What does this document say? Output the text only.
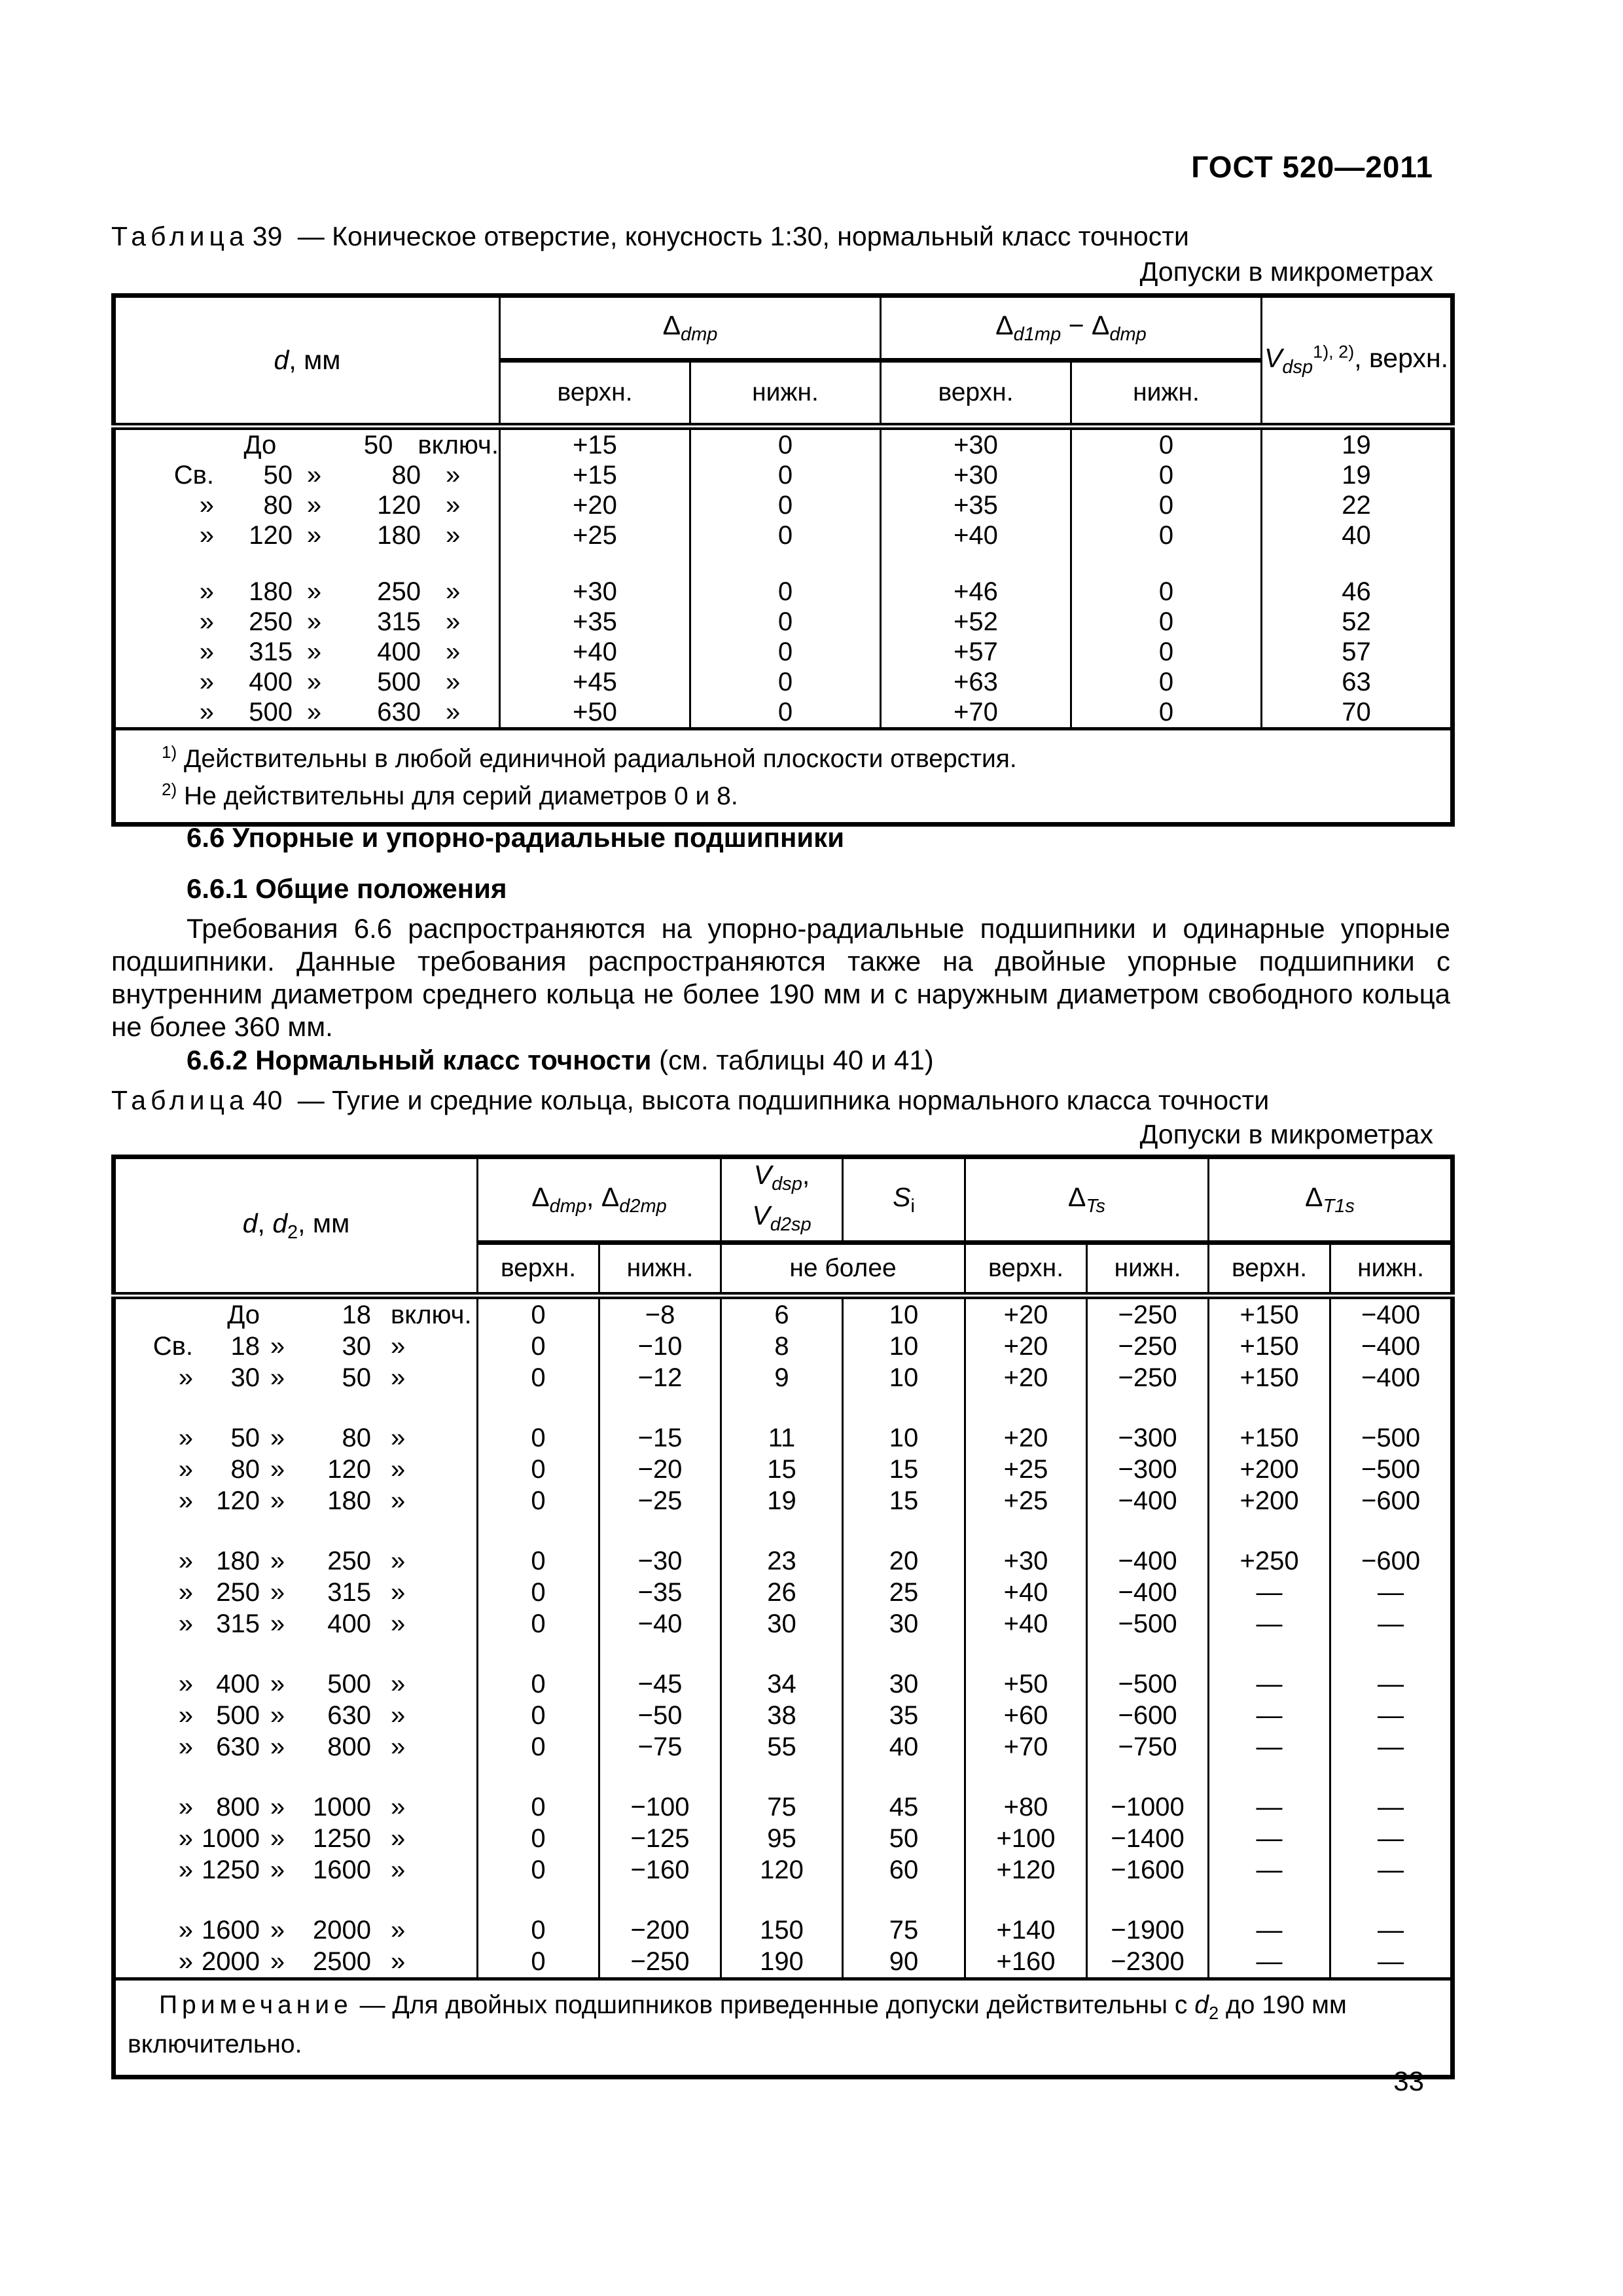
ГОСТ 520—2011
Таблица 39 — Коническое отверстие, конусность 1:30, нормальный класс точности
Допуски в микрометрах
d, мм	$\Delta_{dmp}$		$\Delta_{d1mp} - \Delta_{dmp}$		$V_{dsp}^{1), 2)}$, верхн.
	верхн.	нижн.	верхн.	нижн.	

До 50 включ.	+15	0	+30	0	19

Св. 50 » 80 »	+15	0	+30	0	19

» 80 » 120 »	+20	0	+35	0	22

» 120 » 180 »	+25	0	+40	0	40

» 180 » 250 »	+30	0	+46	0	46

» 250 » 315 »	+35	0	+52	0	52

» 315 » 400 »	+40	0	+57	0	57

» 400 » 500 »	+45	0	+63	0	63

» 500 » 630 »	+50	0	+70	0	70

$^{1)}$ Действительны в любой единичной радиальной плоскости отверстия.
$^{2)}$ Не действительны для серий диаметров 0 и 8.					

6.6 Упорные и упорно-радиальные подшипники

6.6.1 Общие положения

Требования 6.6 распространяются на упорно-радиальные подшипники и одинарные упорные подшипники. Данные требования распространяются также на двойные упорные подшипники с внутренним диаметром среднего кольца не более 190 мм и с наружным диаметром свободного кольца не более 360 мм.

6.6.2 Нормальный класс точности (см. таблицы 40 и 41)

Таблица 40 — Тугие и средние кольца, высота подшипника нормального класса точности
Допуски в микрометрах
d, $d_2$, мм	$\Delta_{dmp}$, $\Delta_{d2mp}$		$V_{dsp}$,
$V_{d2sp}$	$S_i$	$\Delta_{Ts}$		$\Delta_{T1s}$
	верхн.	нижн.	не более		верхн.	нижн.	верхн.	нижн.

До 18 включ.	0	−8	6	10	+20	−250	+150	−400

Св. 18 » 30 »	0	−10	8	10	+20	−250	+150	−400

» 30 » 50 »	0	−12	9	10	+20	−250	+150	−400

» 50 » 80 »	0	−15	11	10	+20	−300	+150	−500

» 80 » 120 »	0	−20	15	15	+25	−300	+200	−500

» 120 » 180 »	0	−25	19	15	+25	−400	+200	−600

» 180 » 250 »	0	−30	23	20	+30	−400	+250	−600

» 250 » 315 »	0	−35	26	25	+40	−400	—	—

» 315 » 400 »	0	−40	30	30	+40	−500	—	—

» 400 » 500 »	0	−45	34	30	+50	−500	—	—

» 500 » 630 »	0	−50	38	35	+60	−600	—	—

» 630 » 800 »	0	−75	55	40	+70	−750	—	—

» 800 » 1000 »	0	−100	75	45	+80	−1000	—	—

» 1000 » 1250 »	0	−125	95	50	+100	−1400	—	—

» 1250 » 1600 »	0	−160	120	60	+120	−1600	—	—

» 1600 » 2000 »	0	−200	150	75	+140	−1900	—	—

» 2000 » 2500 »	0	−250	190	90	+160	−2300	—	—

Примечание — Для двойных подшипников приведенные допуски действительны с $d_2$ до 190 мм включительно.								
33
